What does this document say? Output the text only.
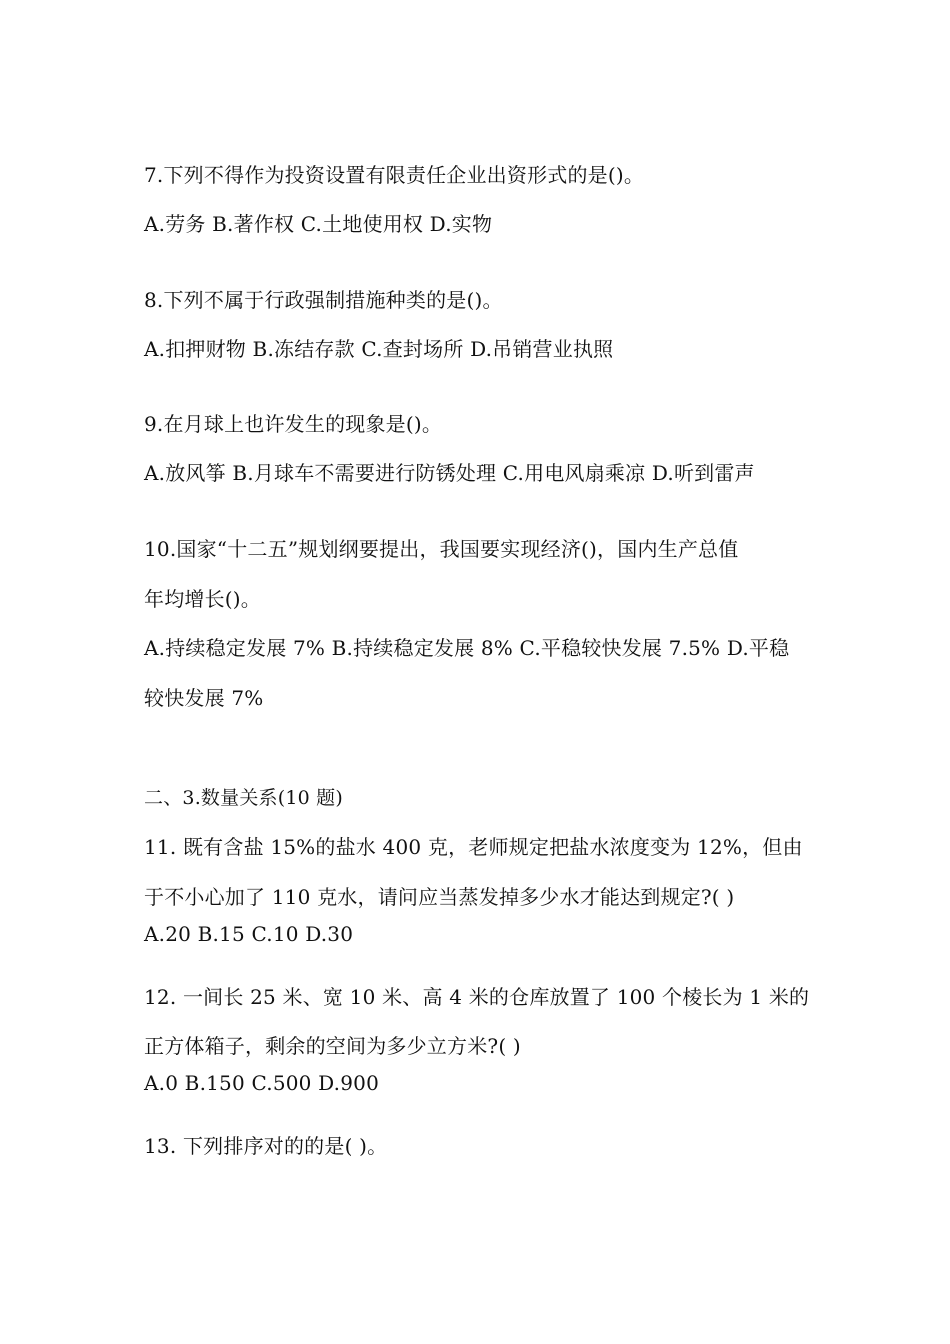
7.下列不得作为投资设置有限责任企业出资形式的是()。
A.劳务 B.著作权 C.土地使用权 D.实物
8.下列不属于行政强制措施种类的是()。
A.扣押财物 B.冻结存款 C.查封场所 D.吊销营业执照
9.在月球上也许发生的现象是()。
A.放风筝 B.月球车不需要进行防锈处理 C.用电风扇乘凉 D.听到雷声
10.国家“十二五”规划纲要提出，我国要实现经济()，国内生产总值
年均增长()。
A.持续稳定发展 7% B.持续稳定发展 8% C.平稳较快发展 7.5% D.平稳
较快发展 7%
二、3.数量关系(10 题)
11. 既有含盐 15%的盐水 400 克，老师规定把盐水浓度变为 12%，但由
于不小心加了 110 克水，请问应当蒸发掉多少水才能达到规定?( )
A.20 B.15 C.10 D.30
12. 一间长 25 米、宽 10 米、高 4 米的仓库放置了 100 个棱长为 1 米的
正方体箱子，剩余的空间为多少立方米?( )
A.0 B.150 C.500 D.900
13. 下列排序对的的是( )。
